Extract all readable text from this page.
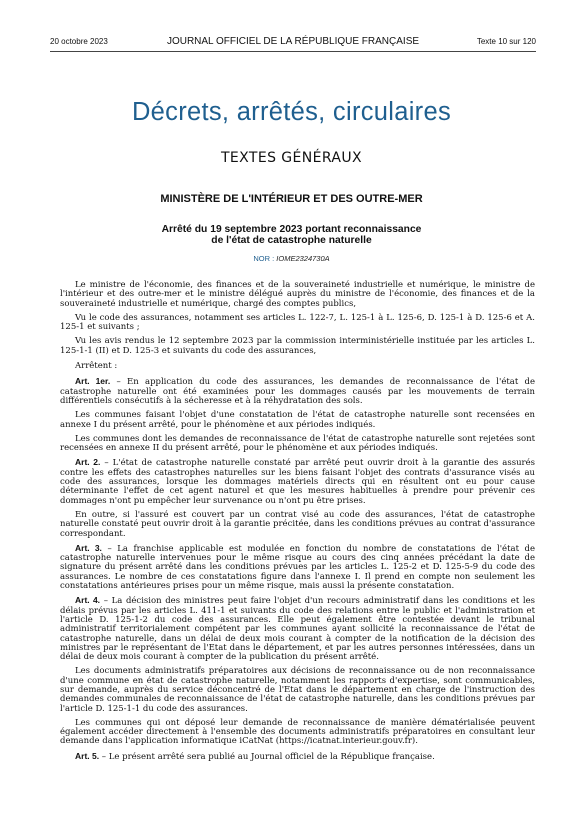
20 octobre 2023	JOURNAL OFFICIEL DE LA RÉPUBLIQUE FRANÇAISE	Texte 10 sur 120
Décrets, arrêtés, circulaires
TEXTES GÉNÉRAUX
MINISTÈRE DE L'INTÉRIEUR ET DES OUTRE-MER
Arrêté du 19 septembre 2023 portant reconnaissance
de l'état de catastrophe naturelle
NOR : IOME2324730A

Le ministre de l'économie, des finances et de la souveraineté industrielle et numérique, le ministre de l'intérieur et des outre-mer et le ministre délégué auprès du ministre de l'économie, des finances et de la souveraineté industrielle et numérique, chargé des comptes publics,

Vu le code des assurances, notamment ses articles L. 122-7, L. 125-1 à L. 125-6, D. 125-1 à D. 125-6 et A. 125-1 et suivants ;

Vu les avis rendus le 12 septembre 2023 par la commission interministérielle instituée par les articles L. 125-1-1 (II) et D. 125-3 et suivants du code des assurances,

Arrêtent :

Art. 1er. – En application du code des assurances, les demandes de reconnaissance de l'état de catastrophe naturelle ont été examinées pour les dommages causés par les mouvements de terrain différentiels consécutifs à la sécheresse et à la réhydratation des sols.

Les communes faisant l'objet d'une constatation de l'état de catastrophe naturelle sont recensées en annexe I du présent arrêté, pour le phénomène et aux périodes indiqués.

Les communes dont les demandes de reconnaissance de l'état de catastrophe naturelle sont rejetées sont recensées en annexe II du présent arrêté, pour le phénomène et aux périodes indiqués.

Art. 2. – L'état de catastrophe naturelle constaté par arrêté peut ouvrir droit à la garantie des assurés contre les effets des catastrophes naturelles sur les biens faisant l'objet des contrats d'assurance visés au code des assurances, lorsque les dommages matériels directs qui en résultent ont eu pour cause déterminante l'effet de cet agent naturel et que les mesures habituelles à prendre pour prévenir ces dommages n'ont pu empêcher leur survenance ou n'ont pu être prises.

En outre, si l'assuré est couvert par un contrat visé au code des assurances, l'état de catastrophe naturelle constaté peut ouvrir droit à la garantie précitée, dans les conditions prévues au contrat d'assurance correspondant.

Art. 3. – La franchise applicable est modulée en fonction du nombre de constatations de l'état de catastrophe naturelle intervenues pour le même risque au cours des cinq années précédant la date de signature du présent arrêté dans les conditions prévues par les articles L. 125-2 et D. 125-5-9 du code des assurances. Le nombre de ces constatations figure dans l'annexe I. Il prend en compte non seulement les constatations antérieures prises pour un même risque, mais aussi la présente constatation.

Art. 4. – La décision des ministres peut faire l'objet d'un recours administratif dans les conditions et les délais prévus par les articles L. 411-1 et suivants du code des relations entre le public et l'administration et l'article D. 125-1-2 du code des assurances. Elle peut également être contestée devant le tribunal administratif territorialement compétent par les communes ayant sollicité la reconnaissance de l'état de catastrophe naturelle, dans un délai de deux mois courant à compter de la notification de la décision des ministres par le représentant de l'Etat dans le département, et par les autres personnes intéressées, dans un délai de deux mois courant à compter de la publication du présent arrêté.

Les documents administratifs préparatoires aux décisions de reconnaissance ou de non reconnaissance d'une commune en état de catastrophe naturelle, notamment les rapports d'expertise, sont communicables, sur demande, auprès du service déconcentré de l'Etat dans le département en charge de l'instruction des demandes communales de reconnaissance de l'état de catastrophe naturelle, dans les conditions prévues par l'article D. 125-1-1 du code des assurances.

Les communes qui ont déposé leur demande de reconnaissance de manière dématérialisée peuvent également accéder directement à l'ensemble des documents administratifs préparatoires en consultant leur demande dans l'application informatique iCatNat (https://icatnat.interieur.gouv.fr).

Art. 5. – Le présent arrêté sera publié au Journal officiel de la République française.
